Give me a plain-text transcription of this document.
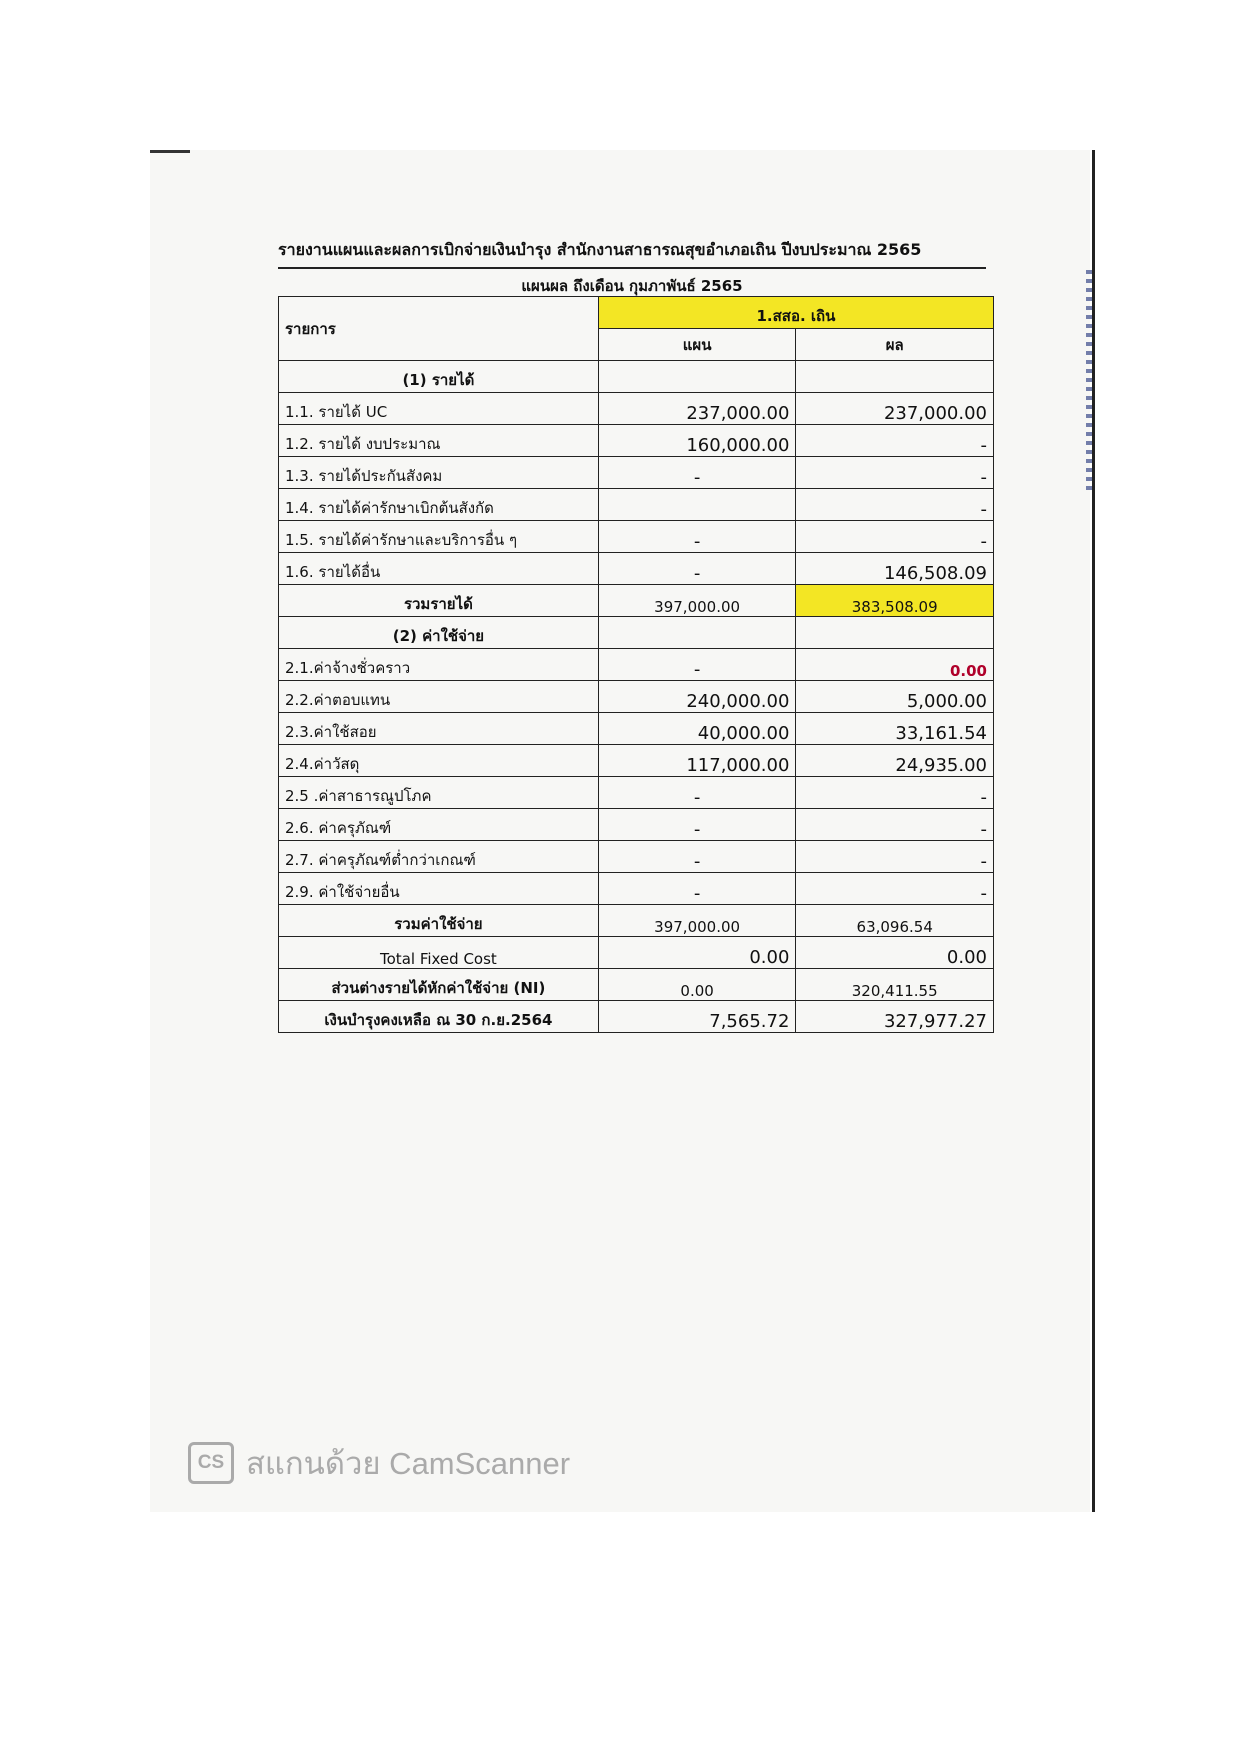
รายงานแผนและผลการเบิกจ่ายเงินบำรุง สำนักงานสาธารณสุขอำเภอเถิน ปีงบประมาณ 2565
แผนผล ถึงเดือน กุมภาพันธ์ 2565
รายการ	1.สสอ. เถิน	
	แผน	ผล
(1) รายได้		
1.1. รายได้ UC	237,000.00	237,000.00
1.2. รายได้ งบประมาณ	160,000.00	-
1.3. รายได้ประกันสังคม	-	-
1.4. รายได้ค่ารักษาเบิกต้นสังกัด		-
1.5. รายได้ค่ารักษาและบริการอื่น ๆ	-	-
1.6. รายได้อื่น	-	146,508.09
รวมรายได้	397,000.00	383,508.09
(2) ค่าใช้จ่าย		
2.1.ค่าจ้างชั่วคราว	-	0.00
2.2.ค่าตอบแทน	240,000.00	5,000.00
2.3.ค่าใช้สอย	40,000.00	33,161.54
2.4.ค่าวัสดุ	117,000.00	24,935.00
2.5 .ค่าสาธารณูปโภค	-	-
2.6. ค่าครุภัณฑ์	-	-
2.7. ค่าครุภัณฑ์ต่ำกว่าเกณฑ์	-	-
2.9. ค่าใช้จ่ายอื่น	-	-
รวมค่าใช้จ่าย	397,000.00	63,096.54
Total Fixed Cost	0.00	0.00
ส่วนต่างรายได้หักค่าใช้จ่าย (NI)	0.00	320,411.55
เงินบำรุงคงเหลือ ณ 30 ก.ย.2564	7,565.72	327,977.27
CS สแกนด้วย CamScanner
